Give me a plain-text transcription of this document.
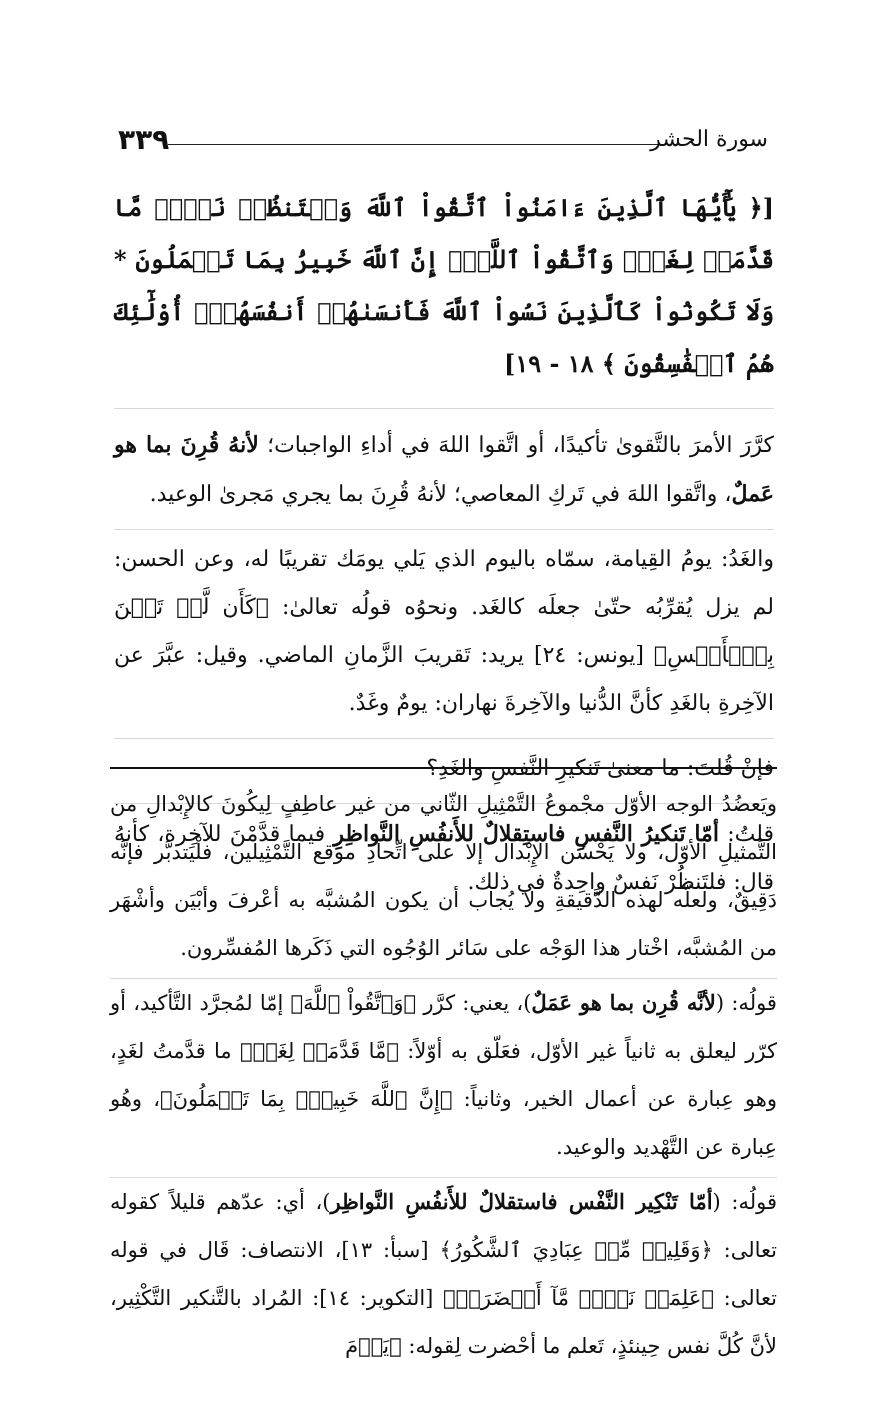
٣٣٩	سورة الحشر

[﴿ يَٰٓأَيُّهَا ٱلَّذِينَ ءَامَنُواْ ٱتَّقُواْ ٱللَّهَ وَلۡتَنظُرۡ نَفۡسٞ مَّا قَدَّمَتۡ لِغَدٖۖ وَٱتَّقُواْ ٱللَّهَۚ إِنَّ ٱللَّهَ خَبِيرُۢ بِمَا تَعۡمَلُونَ * وَلَا تَكُونُواْ كَٱلَّذِينَ نَسُواْ ٱللَّهَ فَأَنسَىٰهُمۡ أَنفُسَهُمۡۚ أُوْلَٰٓئِكَ هُمُ ٱلۡفَٰسِقُونَ ﴾ ١٨ - ١٩]

كرَّرَ الأمرَ بالتَّقوىٰ تأكيدًا، أو اتَّقوا اللهَ في أداءِ الواجبات؛ لأنهُ قُرِنَ بما هو عَملٌ، واتَّقوا اللهَ في تَركِ المعاصي؛ لأنهُ قُرِنَ بما يجري مَجرىٰ الوعيد.

والغَدُ: يومُ القِيامة، سمّاه باليوم الذي يَلي يومَك تقريبًا له، وعن الحسن: لم يزل يُقرِّبُه حتّىٰ جعلَه كالغَد. ونحوُه قولُه تعالىٰ: ﴿كَأَن لَّمۡ تَغۡنَ بِٱلۡأَمۡسِ﴾ [يونس: ٢٤] يريد: تَقريبَ الزَّمانِ الماضي. وقيل: عبَّرَ عن الآخِرةِ بالغَدِ كأنَّ الدُّنيا والآخِرةَ نهاران: يومٌ وغَدٌ.

فإنْ قُلتَ: ما معنىٰ تَنكيرِ النَّفسِ والغَدِ؟

قلتُ: أمّا تَنكيرُ النَّفسِ فاستِقلالٌ للأَنفُسِ النَّواظِرِ فيما قدَّمْنَ للآخِرة، كأنهُ قال: فلتَنظُرْ نَفسٌ واحِدةٌ في ذلك.

ويَعضُدُ الوجه الأوّل مجْموعُ التَّمْثِيلِ الثّاني من غير عاطِفٍ لِيكُونَ كالإِبْدالِ من التَّمثيلِ الأوّل، ولا يَحْسُن الإِبْدال إلا على اتِّحادِ موقع التَّمْثِيلين، فلْيَتدبَّر فإنَّه دَقِيقٌ، ولعلّه لهذه الدَّقيقةِ ولا يُجاب أن يكون المُشبَّه به أعْرفَ وأبْيَن وأشْهَر من المُشبَّه، اخْتار هذا الوَجْه على سَائر الوُجُوه التي ذَكَرها المُفسِّرون.

قولُه: (لأنَّه قُرِن بما هو عَمَلٌ)، يعني: كرَّر ﴿وَٱتَّقُواْ ٱللَّهَ﴾ إمّا لمُجرَّد التَّأكيد، أو كرّر ليعلق به ثانياً غير الأوّل، فعَلّق به أوّلاً: ﴿مَّا قَدَّمَتۡ لِغَدٖ﴾ ما قدَّمتُ لغَدٍ، وهو عِبارة عن أعمال الخير، وثانياً: ﴿إِنَّ ٱللَّهَ خَبِيرُۢ بِمَا تَعۡمَلُونَ﴾، وهُو عِبارة عن التَّهْديد والوعيد.

قولُه: (أمّا تَنْكِير النَّفْس فاستقلالٌ للأَنفُسِ النَّواظِر)، أي: عدّهم قليلاً كقوله تعالى: ﴿وَقَلِيلٞ مِّنۡ عِبَادِيَ ٱلشَّكُورُ﴾ [سبأ: ١٣]، الانتصاف: قَال في قوله تعالى: ﴿عَلِمَتۡ نَفۡسٞ مَّآ أَحۡضَرَتۡ﴾ [التكوير: ١٤]: المُراد بالتَّنكير التَّكْثِير، لأنَّ كُلَّ نفس حِينئذٍ، تَعلم ما أحْضرت لِقوله: ﴿يَوۡمَ
